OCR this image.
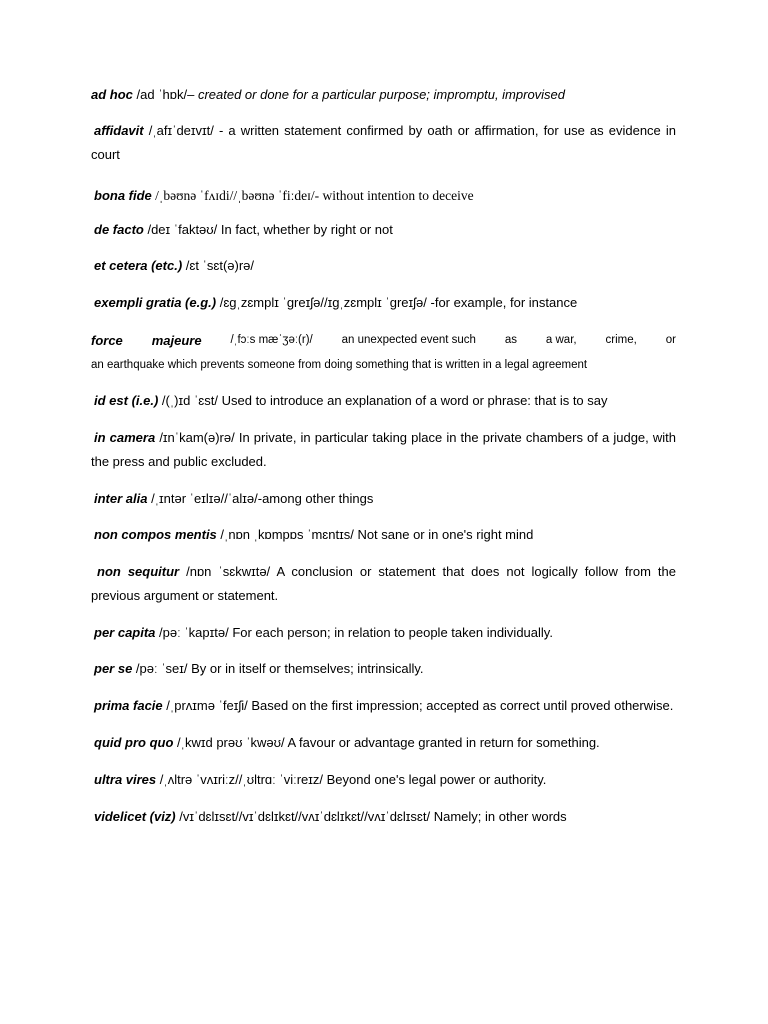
ad hoc /ad ˈhɒk/– created or done for a particular purpose; impromptu, improvised
affidavit /ˌafɪˈdeɪvɪt/ - a written statement confirmed by oath or affirmation, for use as evidence in court
bona fide /ˌbəʊnə ˈfʌɪdi//ˌbəʊnə ˈfiːdeɪ/- without intention to deceive
de facto /deɪ ˈfaktəʊ/ In fact, whether by right or not
et cetera (etc.) /ɛt ˈsɛt(ə)rə/
exempli gratia (e.g.) /ɛɡˌzɛmplɪ ˈɡreɪʃə//ɪɡˌzɛmplɪ ˈɡreɪʃə/ -for example, for instance
force majeure	/ˌfɔːs mæˈʒəː(r)/	an unexpected event such	as	a war,	crime,	or
an earthquake which prevents someone from doing something that is written in a legal agreement
id est (i.e.) /(ˌ)ɪd ˈɛst/ Used to introduce an explanation of a word or phrase: that is to say
in camera /ɪnˈkam(ə)rə/ In private, in particular taking place in the private chambers of a judge, with the press and public excluded.
inter alia /ˌɪntər ˈeɪlɪə//ˈalɪə/-among other things
non compos mentis /ˌnɒn ˌkɒmpɒs ˈmɛntɪs/ Not sane or in one's right mind
non sequitur /nɒn ˈsɛkwɪtə/ A conclusion or statement that does not logically follow from the previous argument or statement.
per capita /pəː ˈkapɪtə/ For each person; in relation to people taken individually.
per se /pəː ˈseɪ/ By or in itself or themselves; intrinsically.
prima facie /ˌprʌɪmə ˈfeɪʃi/ Based on the first impression; accepted as correct until proved otherwise.
quid pro quo /ˌkwɪd prəʊ ˈkwəʊ/ A favour or advantage granted in return for something.
ultra vires /ˌʌltrə ˈvʌɪriːz//ˌʊltrɑː ˈviːreɪz/ Beyond one's legal power or authority.
videlicet (viz) /vɪˈdɛlɪsɛt//vɪˈdɛlɪkɛt//vʌɪˈdɛlɪkɛt//vʌɪˈdɛlɪsɛt/ Namely; in other words
